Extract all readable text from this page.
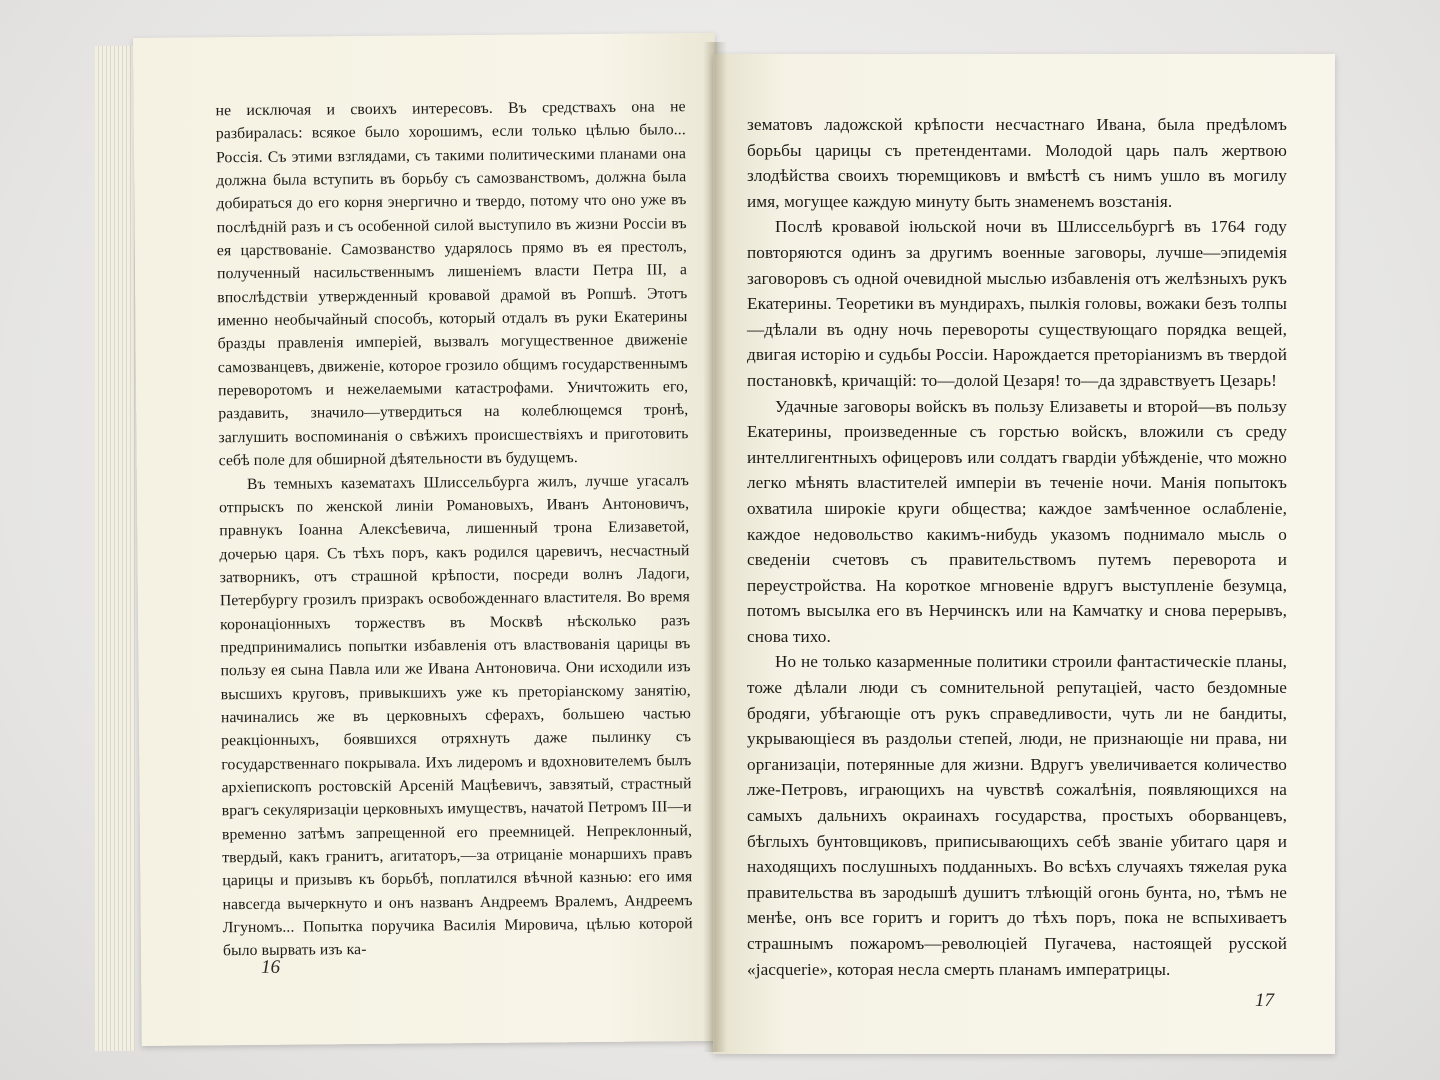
не исключая и своихъ интересовъ. Въ средствахъ она не разбиралась: всякое было хорошимъ, если только цѣлью было... Россія. Съ этими взглядами, съ такими политическими планами она должна была вступить въ борьбу съ самозванствомъ, должна была добираться до его корня энергично и твердо, потому что оно уже въ послѣдній разъ и съ особенной силой выступило въ жизни Россіи въ ея царствованіе. Самозванство ударялось прямо въ ея престолъ, полученный насильственнымъ лишеніемъ власти Петра III, а впослѣдствіи утвержденный кровавой драмой въ Ропшѣ. Этотъ именно необычайный способъ, который отдалъ въ руки Екатерины бразды правленія имперіей, вызвалъ могущественное движеніе самозванцевъ, движеніе, которое грозило общимъ государственнымъ переворотомъ и нежелаемыми катастрофами. Уничтожить его, раздавить, значило—утвердиться на колеблющемся тронѣ, заглушить воспоминанія о свѣжихъ происшествіяхъ и приготовить себѣ поле для обширной дѣятельности въ будущемъ.

Въ темныхъ казематахъ Шлиссельбурга жилъ, лучше угасалъ отпрыскъ по женской линіи Романовыхъ, Иванъ Антоновичъ, правнукъ Іоанна Алексѣевича, лишенный трона Елизаветой, дочерью царя. Съ тѣхъ поръ, какъ родился царевичъ, несчастный затворникъ, отъ страшной крѣпости, посреди волнъ Ладоги, Петербургу грозилъ призракъ освобожденнаго властителя. Во время коронаціонныхъ торжествъ въ Москвѣ нѣсколько разъ предпринимались попытки избавленія отъ властвованія царицы въ пользу ея сына Павла или же Ивана Антоновича. Они исходили изъ высшихъ круговъ, привыкшихъ уже къ преторіанскому занятію, начинались же въ церковныхъ сферахъ, большею частью реакціонныхъ, боявшихся отряхнуть даже пылинку съ государственнаго покрывала. Ихъ лидеромъ и вдохновителемъ былъ архіепископъ ростовскій Арсеній Мацѣевичъ, завзятый, страстный врагъ секуляризаціи церковныхъ имуществъ, начатой Петромъ III—и временно затѣмъ запрещенной его преемницей. Непреклонный, твердый, какъ гранитъ, агитаторъ,—за отрицаніе монаршихъ правъ царицы и призывъ къ борьбѣ, поплатился вѣчной казнью: его имя навсегда вычеркнуто и онъ названъ Андреемъ Вралемъ, Андреемъ Лгуномъ... Попытка поручика Василія Мировича, цѣлью которой было вырвать изъ ка-

16

зематовъ ладожской крѣпости несчастнаго Ивана, была предѣломъ борьбы царицы съ претендентами. Молодой царь палъ жертвою злодѣйства своихъ тюремщиковъ и вмѣстѣ съ нимъ ушло въ могилу имя, могущее каждую минуту быть знаменемъ возстанія.

Послѣ кровавой іюльской ночи въ Шлиссельбургѣ въ 1764 году повторяются одинъ за другимъ военные заговоры, лучше—эпидемія заговоровъ съ одной очевидной мыслью избавленія отъ желѣзныхъ рукъ Екатерины. Теоретики въ мундирахъ, пылкія головы, вожаки безъ толпы—дѣлали въ одну ночь перевороты существующаго порядка вещей, двигая исторію и судьбы Россіи. Нарождается преторіанизмъ въ твердой постановкѣ, кричащій: то—долой Цезаря! то—да здравствуетъ Цезарь!

Удачные заговоры войскъ въ пользу Елизаветы и второй—въ пользу Екатерины, произведенные съ горстью войскъ, вложили съ среду интеллигентныхъ офицеровъ или солдатъ гвардіи убѣжденіе, что можно легко мѣнять властителей имперіи въ теченіе ночи. Манія попытокъ охватила широкіе круги общества; каждое замѣченное ослабленіе, каждое недовольство какимъ-нибудь указомъ поднимало мысль о сведеніи счетовъ съ правительствомъ путемъ переворота и переустройства. На короткое мгновеніе вдругъ выступленіе безумца, потомъ высылка его въ Нерчинскъ или на Камчатку и снова перерывъ, снова тихо.

Но не только казарменные политики строили фантастическіе планы, тоже дѣлали люди съ сомнительной репутаціей, часто бездомные бродяги, убѣгающіе отъ рукъ справедливости, чуть ли не бандиты, укрывающіеся въ раздольи степей, люди, не признающіе ни права, ни организаціи, потерянные для жизни. Вдругъ увеличивается количество лже-Петровъ, играющихъ на чувствѣ сожалѣнія, появляющихся на самыхъ дальнихъ окраинахъ государства, простыхъ оборванцевъ, бѣглыхъ бунтовщиковъ, приписывающихъ себѣ званіе убитаго царя и находящихъ послушныхъ подданныхъ. Во всѣхъ случаяхъ тяжелая рука правительства въ зародышѣ душитъ тлѣющій огонь бунта, но, тѣмъ не менѣе, онъ все горитъ и горитъ до тѣхъ поръ, пока не вспыхиваетъ страшнымъ пожаромъ—революціей Пугачева, настоящей русской «jacquerie», которая несла смерть планамъ императрицы.

17
